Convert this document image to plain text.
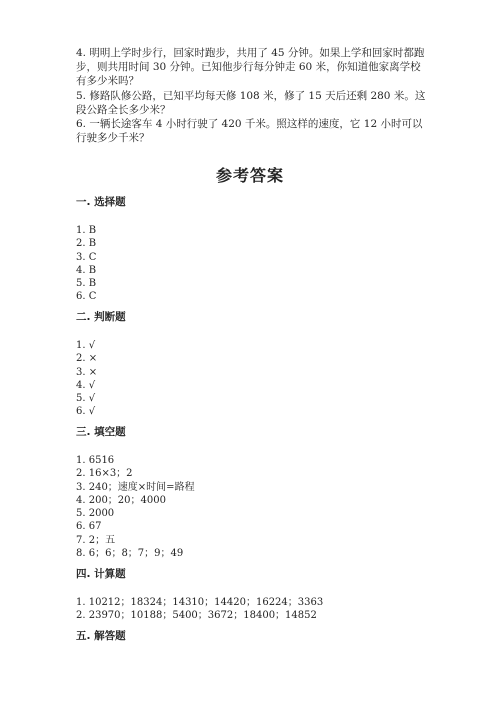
4. 明明上学时步行，回家时跑步，共用了 45 分钟。如果上学和回家时都跑步，则共用时间 30 分钟。已知他步行每分钟走 60 米，你知道他家离学校有多少米吗？

5. 修路队修公路，已知平均每天修 108 米，修了 15 天后还剩 280 米。这段公路全长多少米？

6. 一辆长途客车 4 小时行驶了 420 千米。照这样的速度，它 12 小时可以行驶多少千米？

参考答案

一. 选择题

1. B

2. B

3. C

4. B

5. B

6. C

二. 判断题

1. √

2. ×

3. ×

4. √

5. √

6. √

三. 填空题

1. 6516

2. 16×3；2

3. 240；速度×时间=路程

4. 200；20；4000

5. 2000

6. 67

7. 2；五

8. 6；6；8；7；9；49

四. 计算题

1. 10212；18324；14310；14420；16224；3363

2. 23970；10188；5400；3672；18400；14852

五. 解答题
